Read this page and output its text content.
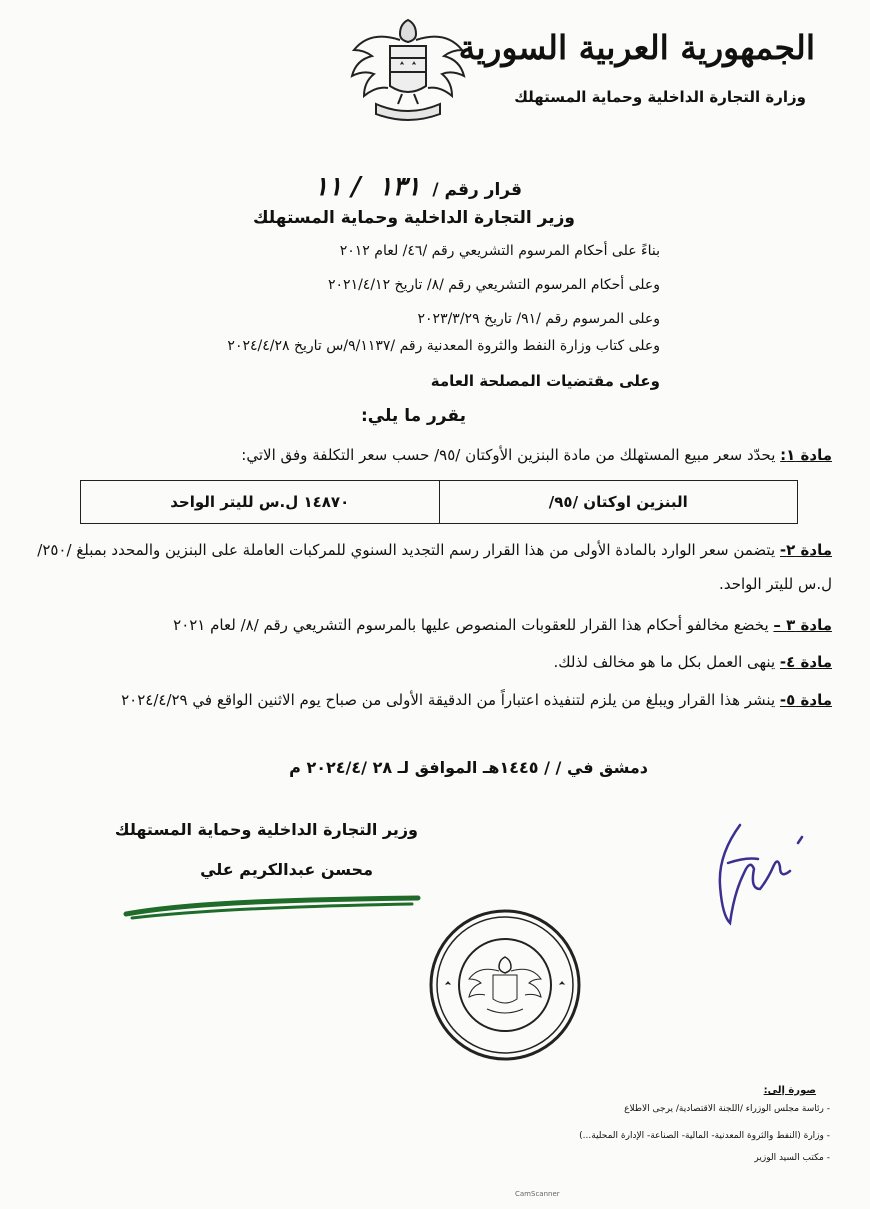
الجمهورية العربية السورية
وزارة التجارة الداخلية وحماية المستهلك
قرار رقم / ١٣١ / ١١
وزير التجارة الداخلية وحماية المستهلك
بناءً على أحكام المرسوم التشريعي رقم /٤٦/ لعام ٢٠١٢
وعلى أحكام المرسوم التشريعي رقم /٨/ تاريخ ٢٠٢١/٤/١٢
وعلى المرسوم رقم /٩١/ تاريخ ٢٠٢٣/٣/٢٩
وعلى كتاب وزارة النفط والثروة المعدنية رقم /٩/١١٣٧/س تاريخ ٢٠٢٤/٤/٢٨
وعلى مقتضيات المصلحة العامة
يقرر ما يلي:
مادة ١: يحدّد سعر مبيع المستهلك من مادة البنزين الأوكتان /٩٥/ حسب سعر التكلفة وفق الاتي:
البنزين اوكتان /٩٥/	١٤٨٧٠ ل.س لليتر الواحد
مادة ٢- يتضمن سعر الوارد بالمادة الأولى من هذا القرار رسم التجديد السنوي للمركبات العاملة على البنزين والمحدد بمبلغ /٢٥٠/ ل.س لليتر الواحد.
مادة ٣ – يخضع مخالفو أحكام هذا القرار للعقوبات المنصوص عليها بالمرسوم التشريعي رقم /٨/ لعام ٢٠٢١
مادة ٤- ينهى العمل بكل ما هو مخالف لذلك.
مادة ٥- ينشر هذا القرار ويبلغ من يلزم لتنفيذه اعتباراً من الدقيقة الأولى من صباح يوم الاثنين الواقع في ٢٠٢٤/٤/٢٩
دمشق في / / ١٤٤٥هـ الموافق لـ ٢٨ /٢٠٢٤/٤ م
وزير التجارة الداخلية وحماية المستهلك
محسن عبدالكريم علي
صورة إلى:
- رئاسة مجلس الوزراء /اللجنة الاقتصادية/ يرجى الاطلاع
- وزارة (النفط والثروة المعدنية- المالية- الصناعة- الإدارة المحلية...)
- مكتب السيد الوزير
CamScanner
